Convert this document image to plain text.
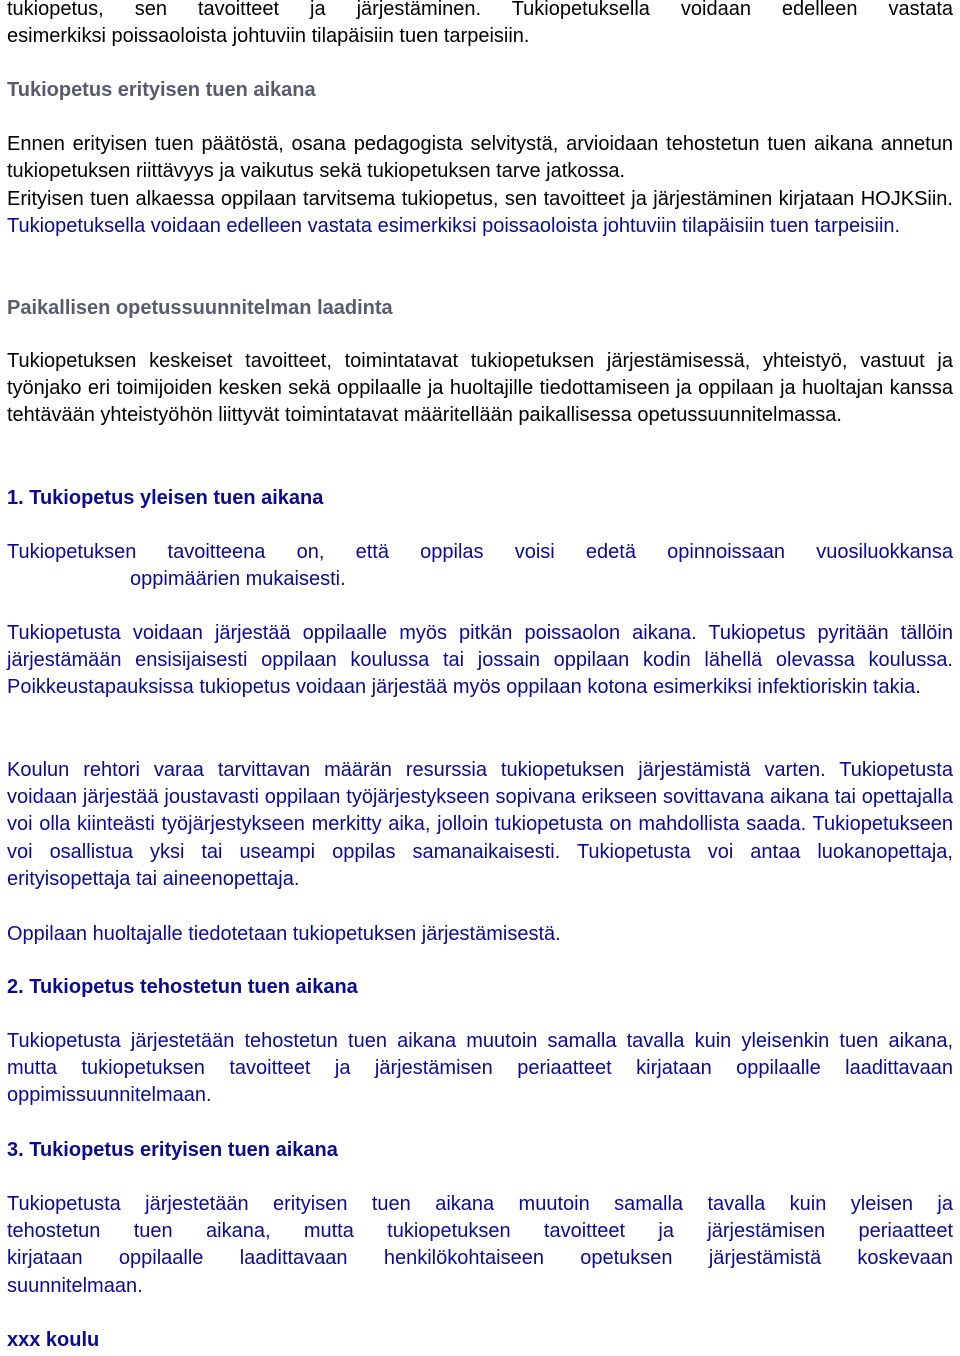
tukiopetus, sen tavoitteet ja järjestäminen. Tukiopetuksella voidaan edelleen vastata
esimerkiksi poissaoloista johtuviin tilapäisiin tuen tarpeisiin.
Tukiopetus erityisen tuen aikana

Ennen erityisen tuen päätöstä, osana pedagogista selvitystä, arvioidaan tehostetun tuen aikana annetun tukiopetuksen riittävyys ja vaikutus sekä tukiopetuksen tarve jatkossa.

Erityisen tuen alkaessa oppilaan tarvitsema tukiopetus, sen tavoitteet ja järjestäminen kirjataan HOJKSiin. Tukiopetuksella voidaan edelleen vastata esimerkiksi poissaoloista johtuviin tilapäisiin tuen tarpeisiin.

Paikallisen opetussuunnitelman laadinta

Tukiopetuksen keskeiset tavoitteet, toimintatavat tukiopetuksen järjestämisessä, yhteistyö, vastuut ja työnjako eri toimijoiden kesken sekä oppilaalle ja huoltajille tiedottamiseen ja oppilaan ja huoltajan kanssa tehtävään yhteistyöhön liittyvät toimintatavat määritellään paikallisessa opetussuunnitelmassa.

1. Tukiopetus yleisen tuen aikana
Tukiopetuksen tavoitteena on, että oppilas voisi edetä opinnoissaan vuosiluokkansa
oppimäärien mukaisesti.

Tukiopetusta voidaan järjestää oppilaalle myös pitkän poissaolon aikana. Tukiopetus pyritään tällöin järjestämään ensisijaisesti oppilaan koulussa tai jossain oppilaan kodin lähellä olevassa koulussa. Poikkeustapauksissa tukiopetus voidaan järjestää myös oppilaan kotona esimerkiksi infektioriskin takia.

Koulun rehtori varaa tarvittavan määrän resurssia tukiopetuksen järjestämistä varten. Tukiopetusta voidaan järjestää joustavasti oppilaan työjärjestykseen sopivana erikseen sovittavana aikana tai opettajalla voi olla kiinteästi työjärjestykseen merkitty aika, jolloin tukiopetusta on mahdollista saada. Tukiopetukseen voi osallistua yksi tai useampi oppilas samanaikaisesti. Tukiopetusta voi antaa luokanopettaja, erityisopettaja tai aineenopettaja.

Oppilaan huoltajalle tiedotetaan tukiopetuksen järjestämisestä.

2. Tukiopetus tehostetun tuen aikana

Tukiopetusta järjestetään tehostetun tuen aikana muutoin samalla tavalla kuin yleisenkin tuen aikana, mutta tukiopetuksen tavoitteet ja järjestämisen periaatteet kirjataan oppilaalle laadittavaan oppimissuunnitelmaan.

3. Tukiopetus erityisen tuen aikana
Tukiopetusta järjestetään erityisen tuen aikana muutoin samalla tavalla kuin yleisen ja
tehostetun tuen aikana, mutta tukiopetuksen tavoitteet ja järjestämisen periaatteet
kirjataan oppilaalle laadittavaan henkilökohtaiseen opetuksen järjestämistä koskevaan
suunnitelmaan.
xxx koulu
